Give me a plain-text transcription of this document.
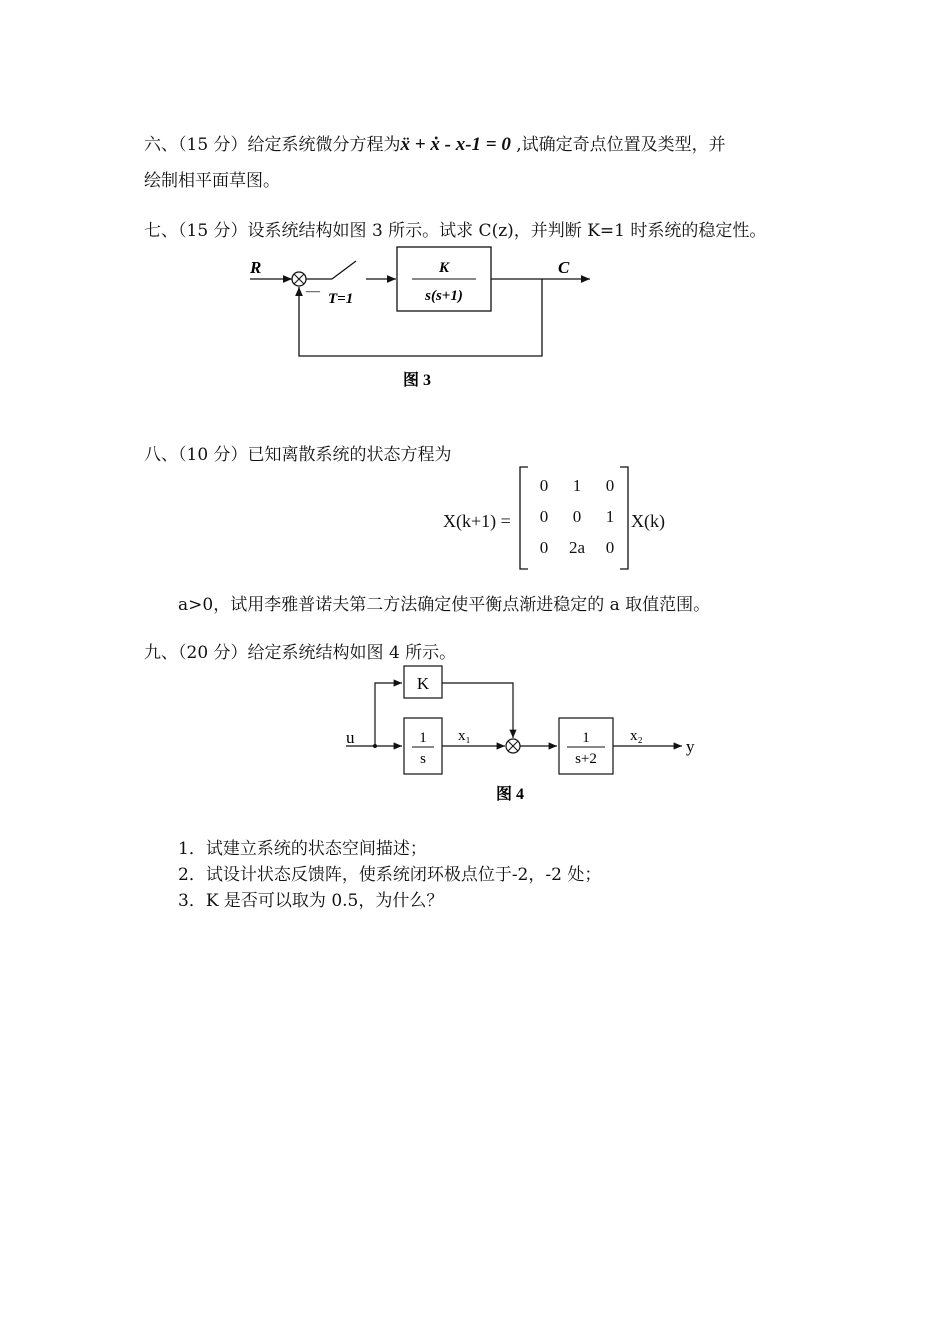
六、（15 分）给定系统微分方程为ẍ + ẋ - x-1 = 0 ,试确定奇点位置及类型，并
绘制相平面草图。
七、（15 分）设系统结构如图 3 所示。试求 C(z)，并判断 K=1 时系统的稳定性。
R
— T=1
K
s(s+1)
C
图 3
八、（10 分）已知离散系统的状态方程为
X(k+1) =
0	1	0
0	0	1
0	2a	0
X(k)
a>0，试用李雅普诺夫第二方法确定使平衡点渐进稳定的 a 取值范围。
九、（20 分）给定系统结构如图 4 所示。
u
K
1
s
x₁	1
s+2
x₂
y
图 4
1．试建立系统的状态空间描述；
2．试设计状态反馈阵，使系统闭环极点位于-2，-2 处；
3．K 是否可以取为 0.5，为什么？
